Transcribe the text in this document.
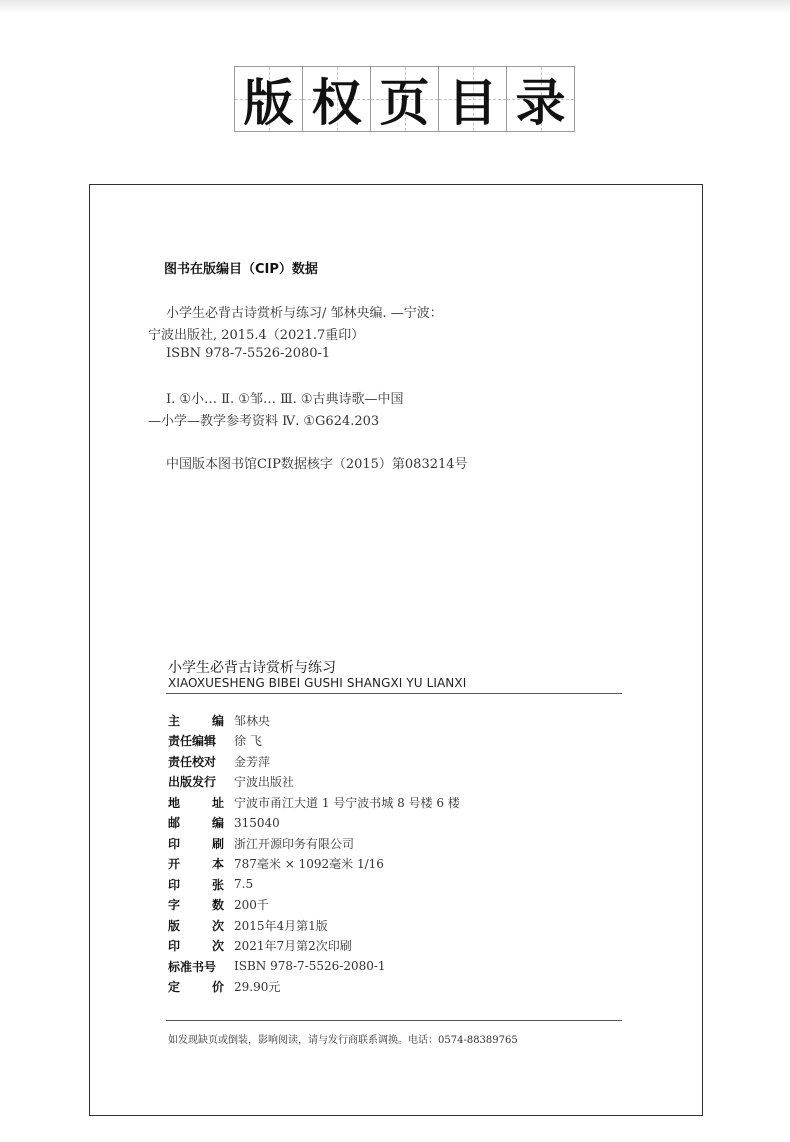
版 权 页 目 录
图书在版编目（CIP）数据
小学生必背古诗赏析与练习/ 邹林央编. —宁波：
宁波出版社, 2015.4（2021.7重印）
ISBN 978-7-5526-2080-1
Ⅰ. ①小… Ⅱ. ①邹… Ⅲ. ①古典诗歌—中国
—小学—教学参考资料 Ⅳ. ①G624.203
中国版本图书馆CIP数据核字（2015）第083214号
小学生必背古诗赏析与练习
XIAOXUESHENG BIBEI GUSHI SHANGXI YU LIANXI
主	编 邹林央
责任编辑 徐 飞
责任校对 金芳萍
出版发行 宁波出版社
地	址 宁波市甬江大道 1 号宁波书城 8 号楼 6 楼
邮	编 315040
印	刷 浙江开源印务有限公司
开	本 787毫米 × 1092毫米 1/16
印	张 7.5
字	数 200千
版	次 2015年4月第1版
印	次 2021年7月第2次印刷
标准书号 ISBN 978-7-5526-2080-1
定	价 29.90元
如发现缺页或倒装，影响阅读，请与发行商联系调换。电话：0574-88389765
